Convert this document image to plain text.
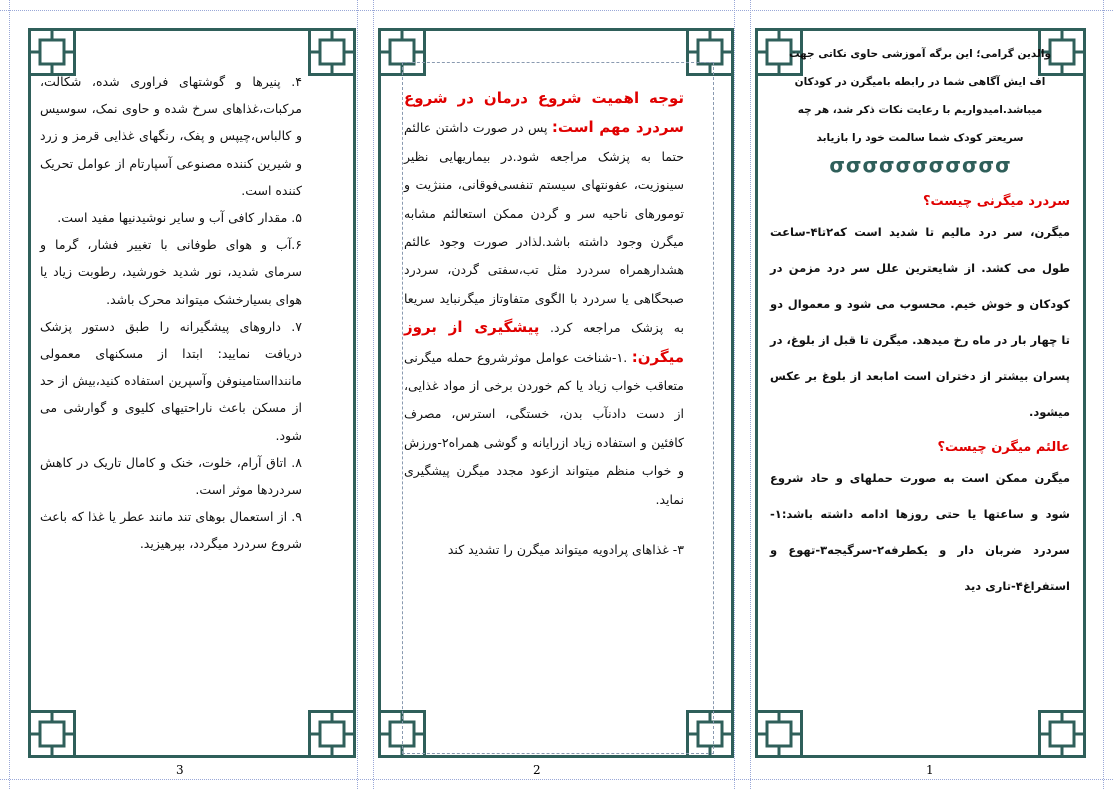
والدین گرامی؛ این برگه آموزشی حاوی نکاتی جهت

اف ایش آگاهی شما در رابطه بامیگرن در کودکان

میباشد.امیدواریم با رعایت نکات ذکر شد، هر چه

سریعتر کودک شما سالمت خود را بازیابد

σ σ σ σ σ σ σ σ σ σ σ

سردرد میگرنی چیست؟

میگرن، سر درد مالیم تا شدید است که۲تا۴-ساعت طول می کشد. از شایعترین علل سر درد مزمن در کودکان و خوش خیم. محسوب می شود و معموال دو تا چهار بار در ماه رخ میدهد. میگرن تا قبل از بلوغ، در پسران بیشتر از دختران است امابعد از بلوغ بر عکس میشود.

عالئم میگرن چیست؟

میگرن ممکن است به صورت حملهای و حاد شروع شود و ساعتها یا حتی روزها ادامه داشته باشد:۱-سردرد ضربان دار و یکطرفه۲-سرگیجه۳-تهوع و استفراغ۴-تاری دید

توجه اهمیت شروع درمان در شروع سردرد مهم است: پس در صورت داشتن عالئم حتما به پزشک مراجعه شود.در بیماریهایی نظیر سینوزیت، عفونتهای سیستم تنفسی‌فوقانی، مننژیت و تومورهای ناحیه سر و گردن ممکن استعالئم مشابه میگرن وجود داشته باشد.لذادر صورت وجود عالئم هشدارهمراه سردرد مثل تب،سفتی گردن، سردرد صبحگاهی یا سردرد با الگوی متفاوتاز میگرنباید سریعا به پزشک مراجعه کرد. پیشگیری از بروز میگرن: .۱-شناخت عوامل موثرشروع حمله میگرنی متعاقب خواب زیاد یا کم خوردن برخی از مواد غذایی، از دست دادنآب بدن، خستگی، استرس، مصرف کافئین و استفاده زیاد ازرایانه و گوشی همراه۲-ورزش و خواب منظم میتواند ازعود مجدد میگرن پیشگیری نماید.

۳- غذاهای پرادویه میتواند میگرن را تشدید کند

۴. پنیرها و گوشتهای فراوری شده، شکالت، مرکبات،غذاهای سرخ شده و حاوی نمک، سوسیس و کالباس،چیپس و پفک، رنگهای غذایی قرمز و زرد و شیرین کننده مصنوعی آسپارتام از عوامل تحریک کننده است.

۵. مقدار کافی آب و سایر نوشیدنیها مفید است.

۶.آب و هوای طوفانی با تغییر فشار، گرما و سرمای شدید، نور شدید خورشید، رطوبت زیاد یا هوای بسیارخشک میتواند محرک باشد.

۷. داروهای پیشگیرانه را طبق دستور پزشک دریافت نمایید: ابتدا از مسکنهای معمولی مانندااستامینوفن وآسپرین استفاده کنید،بیش از حد از مسکن باعث ناراحتیهای کلیوی و گوارشی می شود.

۸. اتاق آرام، خلوت، خنک و کامال تاریک در کاهش سردردها موثر است.

۹. از استعمال بوهای تند مانند عطر یا غذا که باعث شروع سردرد میگردد، بپرهیزید.

3	2	1
